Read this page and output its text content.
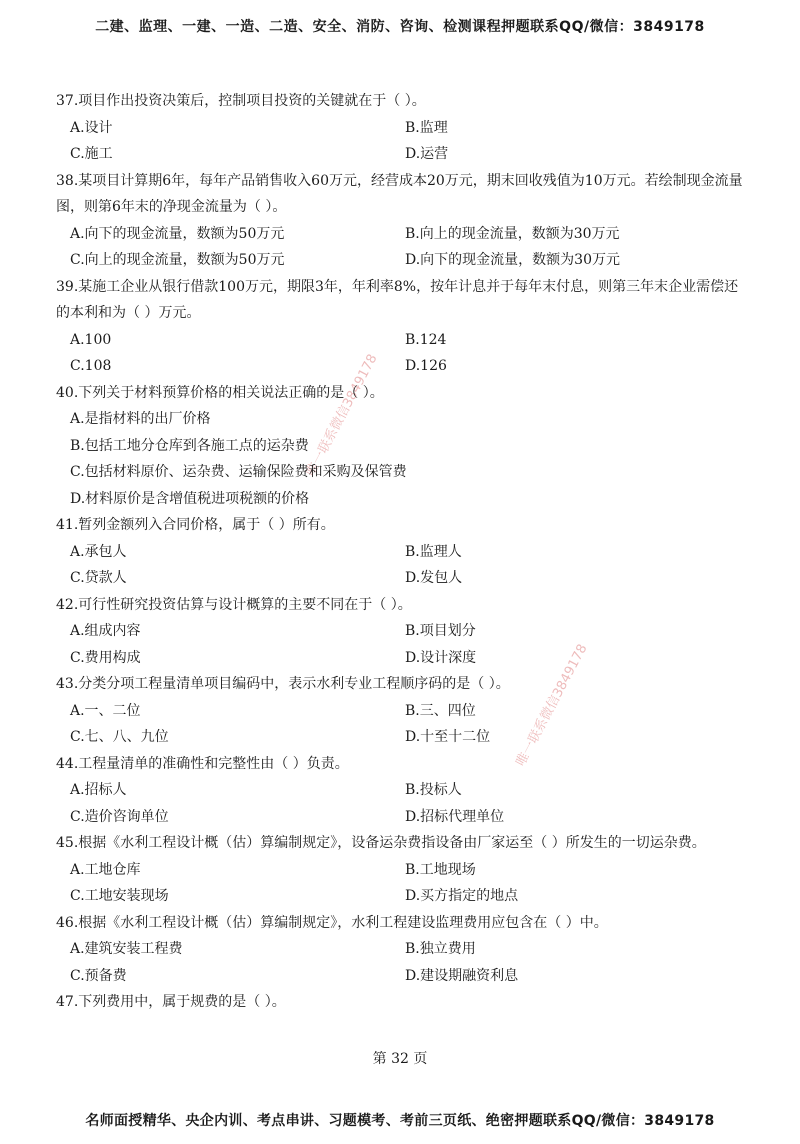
二建、监理、一建、一造、二造、安全、消防、咨询、检测课程押题联系QQ/微信：3849178
唯一联系微信3849178
唯一联系微信3849178

37.项目作出投资决策后，控制项目投资的关键就在于（ ）。

A.设计	B.监理
C.施工	D.运营

38.某项目计算期6年，每年产品销售收入60万元，经营成本20万元，期末回收残值为10万元。若绘制现金流量图，则第6年末的净现金流量为（ ）。

A.向下的现金流量，数额为50万元	B.向上的现金流量，数额为30万元
C.向上的现金流量，数额为50万元	D.向下的现金流量，数额为30万元

39.某施工企业从银行借款100万元，期限3年，年利率8%，按年计息并于每年末付息，则第三年末企业需偿还的本利和为（ ）万元。

A.100	B.124
C.108	D.126

40.下列关于材料预算价格的相关说法正确的是（ ）。

A.是指材料的出厂价格
B.包括工地分仓库到各施工点的运杂费
C.包括材料原价、运杂费、运输保险费和采购及保管费
D.材料原价是含增值税进项税额的价格

41.暂列金额列入合同价格，属于（ ）所有。

A.承包人	B.监理人
C.贷款人	D.发包人

42.可行性研究投资估算与设计概算的主要不同在于（ ）。

A.组成内容	B.项目划分
C.费用构成	D.设计深度

43.分类分项工程量清单项目编码中，表示水利专业工程顺序码的是（ ）。

A.一、二位	B.三、四位
C.七、八、九位	D.十至十二位

44.工程量清单的准确性和完整性由（ ）负责。

A.招标人	B.投标人
C.造价咨询单位	D.招标代理单位

45.根据《水利工程设计概（估）算编制规定》，设备运杂费指设备由厂家运至（ ）所发生的一切运杂费。

A.工地仓库	B.工地现场
C.工地安装现场	D.买方指定的地点

46.根据《水利工程设计概（估）算编制规定》，水利工程建设监理费用应包含在（ ）中。

A.建筑安装工程费	B.独立费用
C.预备费	D.建设期融资利息

47.下列费用中，属于规费的是（ ）。

第 32 页
名师面授精华、央企内训、考点串讲、习题模考、考前三页纸、绝密押题联系QQ/微信：3849178
